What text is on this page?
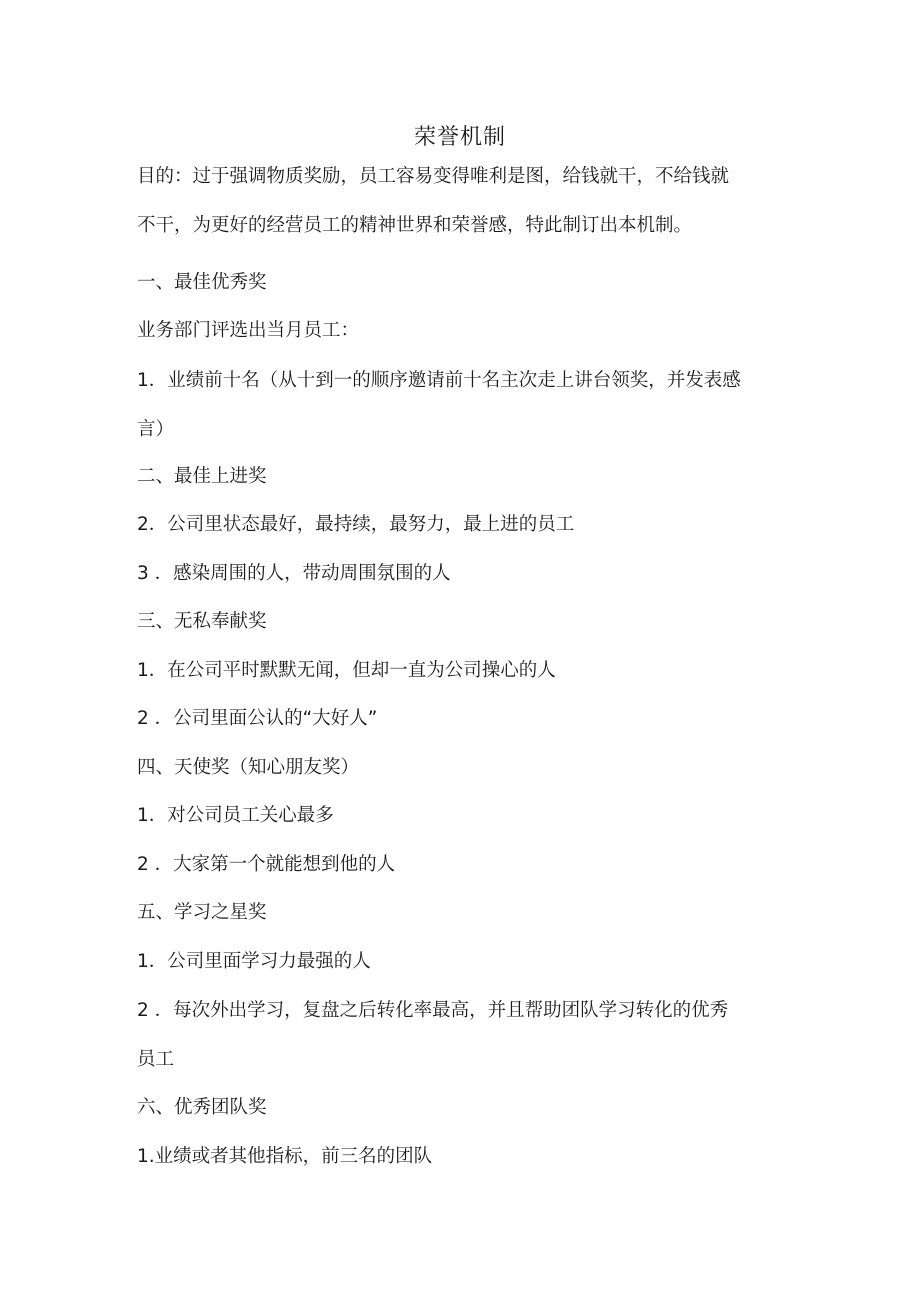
荣誉机制
目的：过于强调物质奖励，员工容易变得唯利是图，给钱就干，不给钱就
不干，为更好的经营员工的精神世界和荣誉感，特此制订出本机制。
一、最佳优秀奖
业务部门评选出当月员工：
1．业绩前十名（从十到一的顺序邀请前十名主次走上讲台领奖，并发表感
言）
二、最佳上进奖
2．公司里状态最好，最持续，最努力，最上进的员工
3 ．感染周围的人，带动周围氛围的人
三、无私奉献奖
1．在公司平时默默无闻，但却一直为公司操心的人
2 ．公司里面公认的“大好人”
四、天使奖（知心朋友奖）
1．对公司员工关心最多
2 ．大家第一个就能想到他的人
五、学习之星奖
1．公司里面学习力最强的人
2 ．每次外出学习，复盘之后转化率最高，并且帮助团队学习转化的优秀
员工
六、优秀团队奖
1.业绩或者其他指标，前三名的团队
